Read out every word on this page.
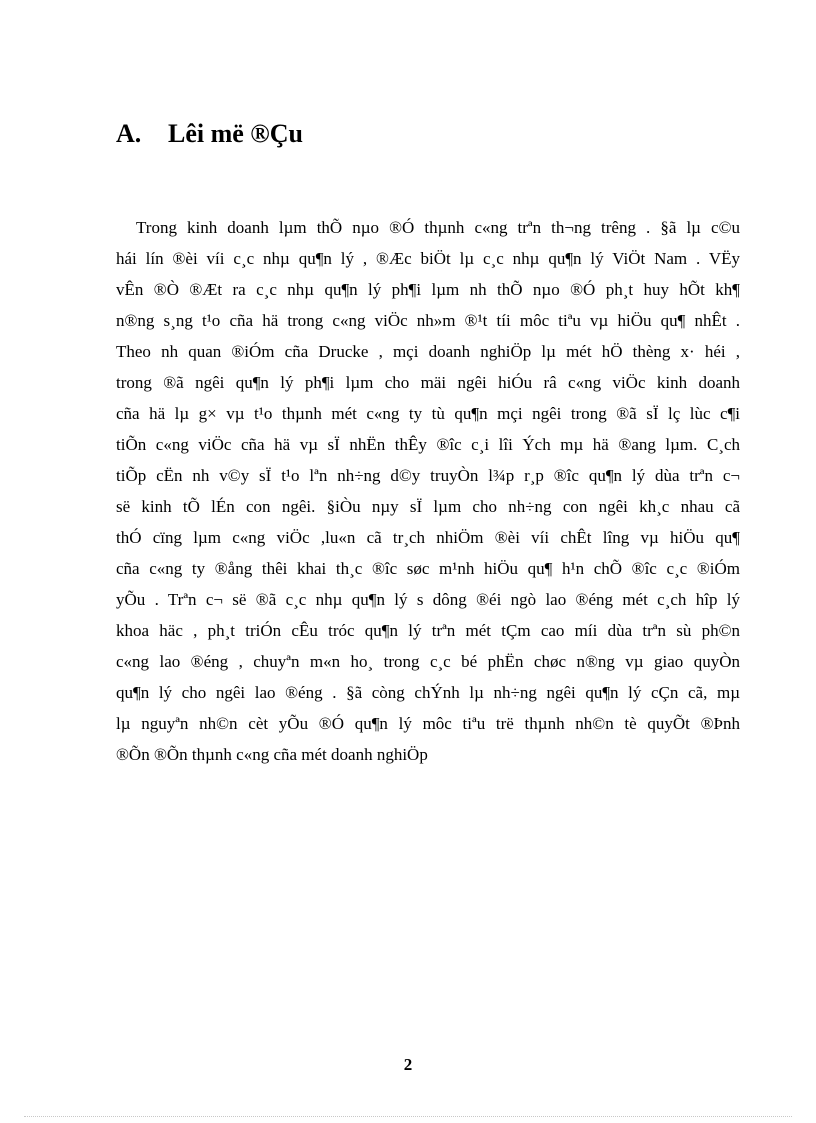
A. Lêi më ®Çu
Trong kinh doanh lµm thÕ nµo ®Ó thµnh c«ng trªn th¬ng trêng . §ã lµ c©u
hái lín ®èi víi c¸c nhµ qu¶n lý , ®Æc biÖt lµ c¸c nhµ qu¶n lý ViÖt Nam . VËy
vÊn ®Ò ®Æt ra c¸c nhµ qu¶n lý ph¶i lµm nh thÕ nµo ®Ó ph¸t huy hÕt kh¶
n®ng s¸ng t¹o cña hä trong c«ng viÖc nh»m ®¹t tíi môc tiªu vµ hiÖu qu¶ nhÊt .
Theo nh quan ®iÓm cña Drucke , mçi doanh nghiÖp lµ mét hÖ thèng x· héi ,
trong ®ã ngêi qu¶n lý ph¶i lµm cho mäi ngêi hiÓu râ c«ng viÖc kinh doanh
cña hä lµ g× vµ t¹o thµnh mét c«ng ty tù qu¶n mçi ngêi trong ®ã sÏ lç lùc c¶i
tiÕn c«ng viÖc cña hä vµ sÏ nhËn thÊy ®îc c¸i lîi Ých mµ hä ®ang lµm. C¸ch
tiÕp cËn nh v©y sÏ t¹o lªn nh÷ng d©y truyÒn l¾p r¸p ®îc qu¶n lý dùa trªn c¬
së kinh tÕ lÉn con ngêi. §iÒu nµy sÏ lµm cho nh÷ng con ngêi kh¸c nhau cã
thÓ cïng lµm c«ng viÖc ,lu«n cã tr¸ch nhiÖm ®èi víi chÊt lîng vµ hiÖu qu¶
cña c«ng ty ®ång thêi khai th¸c ®îc søc m¹nh hiÖu qu¶ h¹n chÕ ®îc c¸c ®iÓm
yÕu . Trªn c¬ së ®ã c¸c nhµ qu¶n lý s dông ®éi ngò lao ®éng mét c¸ch hîp lý
khoa häc , ph¸t triÓn cÊu tróc qu¶n lý trªn mét tÇm cao míi dùa trªn sù ph©n
c«ng lao ®éng , chuyªn m«n ho¸ trong c¸c bé phËn chøc n®ng vµ giao quyÒn
qu¶n lý cho ngêi lao ®éng . §ã còng chÝnh lµ nh÷ng ngêi qu¶n lý cÇn cã, mµ
lµ nguyªn nh©n cèt yÕu ®Ó qu¶n lý môc tiªu trë thµnh nh©n tè quyÕt ®Þnh
®Õn ®Õn thµnh c«ng cña mét doanh nghiÖp
2
